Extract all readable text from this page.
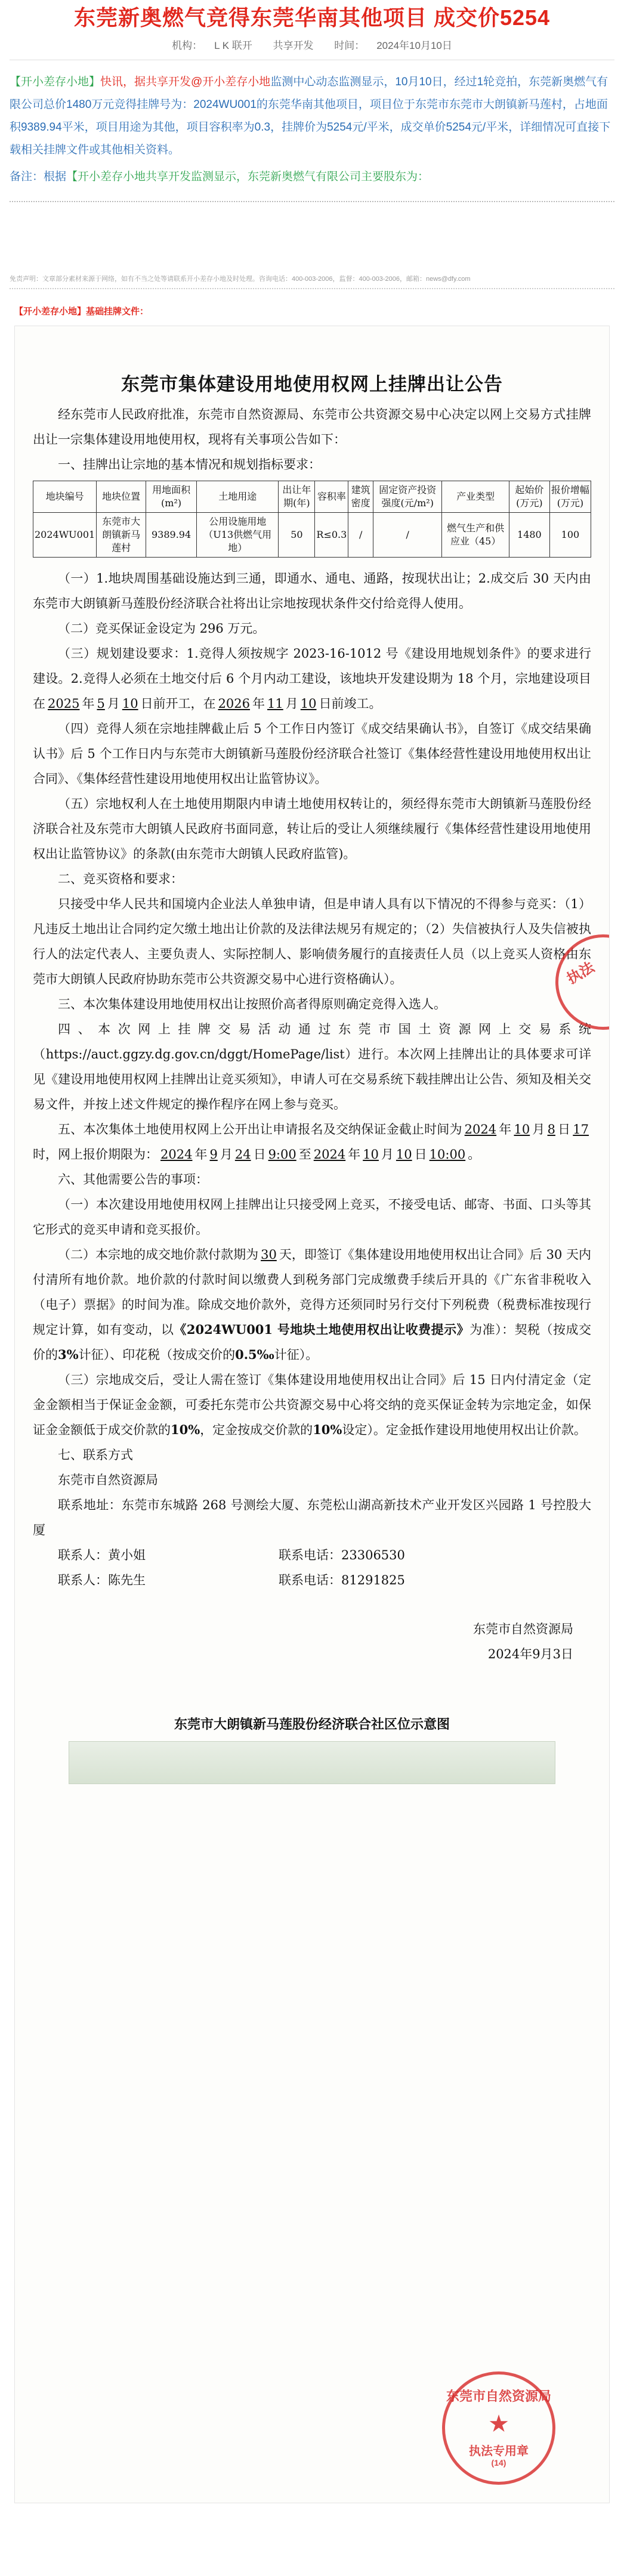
东莞新奥燃气竞得东莞华南其他项目 成交价5254
机构： L K 联开 共享开发 时间： 2024年10月10日
【开小差存小地】快讯，据共享开发@开小差存小地监测中心动态监测显示，10月10日，经过1轮竞拍，东莞新奥燃气有限公司总价1480万元竞得挂牌号为：2024WU001的东莞华南其他项目，项目位于东莞市东莞市大朗镇新马莲村，占地面积9389.94平米，项目用途为其他，项目容积率为0.3，挂牌价为5254元/平米，成交单价5254元/平米，详细情况可直接下载相关挂牌文件或其他相关资料。
备注：根据【开小差存小地共享开发监测显示，东莞新奥燃气有限公司主要股东为：
免责声明：文章部分素材来源于网络，如有不当之处等请联系开小差存小地及时处理。咨询电话：400-003-2006，监督：400-003-2006，邮箱：news@dfy.com
【开小差存小地】基础挂牌文件：
执法
东莞市集体建设用地使用权网上挂牌出让公告

经东莞市人民政府批准，东莞市自然资源局、东莞市公共资源交易中心决定以网上交易方式挂牌出让一宗集体建设用地使用权，现将有关事项公告如下：

一、挂牌出让宗地的基本情况和规划指标要求：

地块编号	地块位置	用地面积(m²)	土地用途	出让年期(年)	容积率	建筑密度	固定资产投资强度(元/m²)	产业类型	起始价(万元)	报价增幅(万元)
2024WU001	东莞市大朗镇新马莲村	9389.94	公用设施用地（U13供燃气用地）	50	R≤0.3	/	/	燃气生产和供应业（45）	1480	100

（一）1.地块周围基础设施达到三通，即通水、通电、通路，按现状出让；2.成交后 30 天内由东莞市大朗镇新马莲股份经济联合社将出让宗地按现状条件交付给竞得人使用。

（二）竞买保证金设定为 296 万元。

（三）规划建设要求：1.竞得人须按规字 2023-16-1012 号《建设用地规划条件》的要求进行建设。2.竞得人必须在土地交付后 6 个月内动工建设，该地块开发建设期为 18 个月，宗地建设项目在 2025 年 5 月 10 日前开工，在 2026 年 11 月 10 日前竣工。

（四）竞得人须在宗地挂牌截止后 5 个工作日内签订《成交结果确认书》，自签订《成交结果确认书》后 5 个工作日内与东莞市大朗镇新马莲股份经济联合社签订《集体经营性建设用地使用权出让合同》、《集体经营性建设用地使用权出让监管协议》。

（五）宗地权利人在土地使用期限内申请土地使用权转让的，须经得东莞市大朗镇新马莲股份经济联合社及东莞市大朗镇人民政府书面同意，转让后的受让人须继续履行《集体经营性建设用地使用权出让监管协议》的条款(由东莞市大朗镇人民政府监管)。

二、竞买资格和要求：

只接受中华人民共和国境内企业法人单独申请，但是申请人具有以下情况的不得参与竞买：（1）凡违反土地出让合同约定欠缴土地出让价款的及法律法规另有规定的；（2）失信被执行人及失信被执行人的法定代表人、主要负责人、实际控制人、影响债务履行的直接责任人员（以上竞买人资格由东莞市大朗镇人民政府协助东莞市公共资源交易中心进行资格确认）。

三、本次集体建设用地使用权出让按照价高者得原则确定竞得入选人。

四、本次网上挂牌交易活动通过东莞市国土资源网上交易系统（https://auct.ggzy.dg.gov.cn/dggt/HomePage/list）进行。本次网上挂牌出让的具体要求可详见《建设用地使用权网上挂牌出让竞买须知》，申请人可在交易系统下载挂牌出让公告、须知及相关交易文件，并按上述文件规定的操作程序在网上参与竞买。

五、本次集体土地使用权网上公开出让申请报名及交纳保证金截止时间为 2024 年 10 月 8 日 17时，网上报价期限为： 2024 年 9 月 24 日 9:00 至 2024 年 10 月 10 日 10:00 。

六、其他需要公告的事项：

（一）本次建设用地使用权网上挂牌出让只接受网上竞买，不接受电话、邮寄、书面、口头等其它形式的竞买申请和竞买报价。

（二）本宗地的成交地价款付款期为 30 天，即签订《集体建设用地使用权出让合同》后 30 天内付清所有地价款。地价款的付款时间以缴费人到税务部门完成缴费手续后开具的《广东省非税收入（电子）票据》的时间为准。除成交地价款外，竞得方还须同时另行交付下列税费（税费标准按现行规定计算，如有变动，以《2024WU001 号地块土地使用权出让收费提示》为准）：契税（按成交价的3%计征）、印花税（按成交价的0.5‰计征）。

（三）宗地成交后，受让人需在签订《集体建设用地使用权出让合同》后 15 日内付清定金（定金金额相当于保证金金额，可委托东莞市公共资源交易中心将交纳的竞买保证金转为宗地定金，如保证金金额低于成交价款的10%，定金按成交价款的10%设定）。定金抵作建设用地使用权出让价款。

七、联系方式

东莞市自然资源局

联系地址：东莞市东城路 268 号测绘大厦、东莞松山湖高新技术产业开发区兴园路 1 号控股大厦

联系人：黄小姐	联系电话：23306530
联系人：陈先生	联系电话：81291825
东莞市自然资源局
2024年9月3日
东莞市大朗镇新马莲股份经济联合社区位示意图
东莞市自然资源局
★
执法专用章
(14)
